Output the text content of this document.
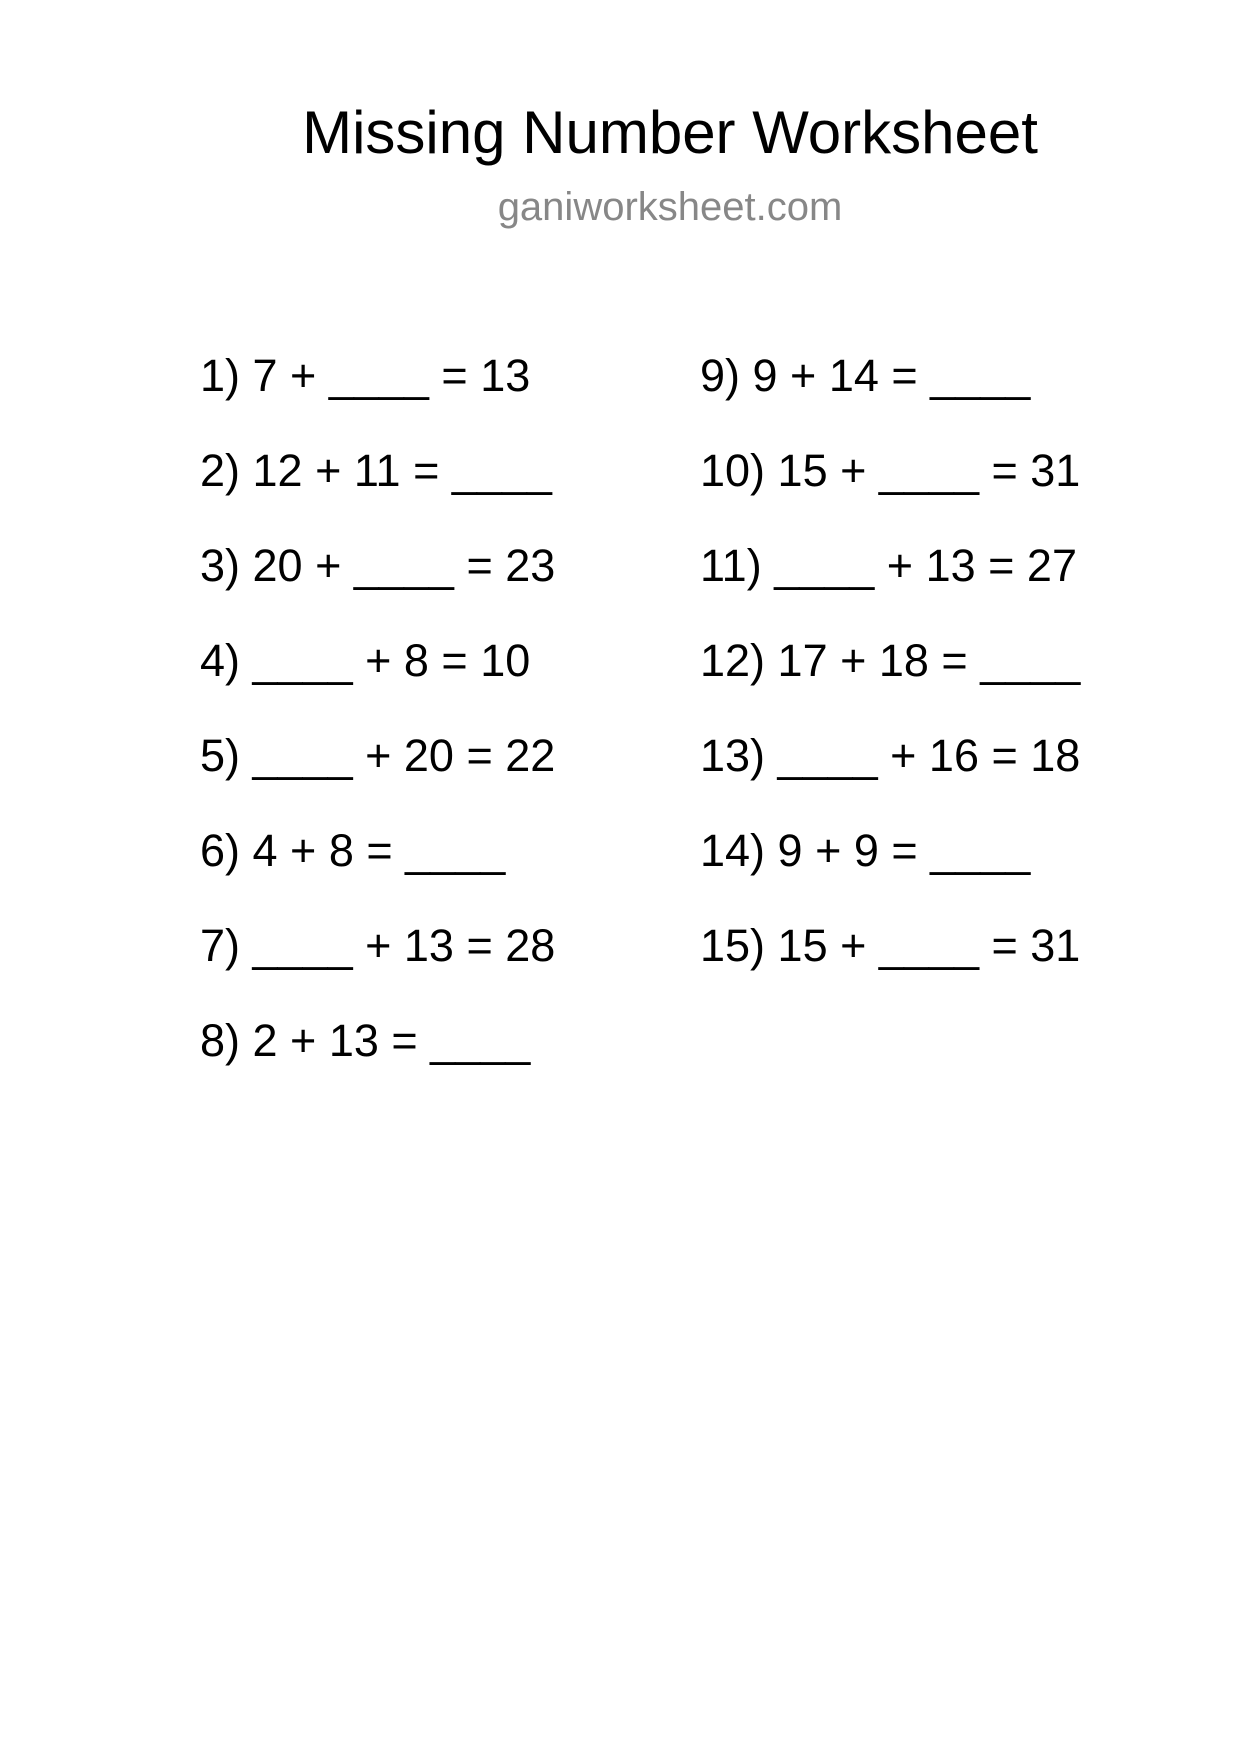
Missing Number Worksheet
ganiworksheet.com
1) 7 + ____ = 13
2) 12 + 11 = ____
3) 20 + ____ = 23
4) ____ + 8 = 10
5) ____ + 20 = 22
6) 4 + 8 = ____
7) ____ + 13 = 28
8) 2 + 13 = ____
9) 9 + 14 = ____
10) 15 + ____ = 31
11) ____ + 13 = 27
12) 17 + 18 = ____
13) ____ + 16 = 18
14) 9 + 9 = ____
15) 15 + ____ = 31
